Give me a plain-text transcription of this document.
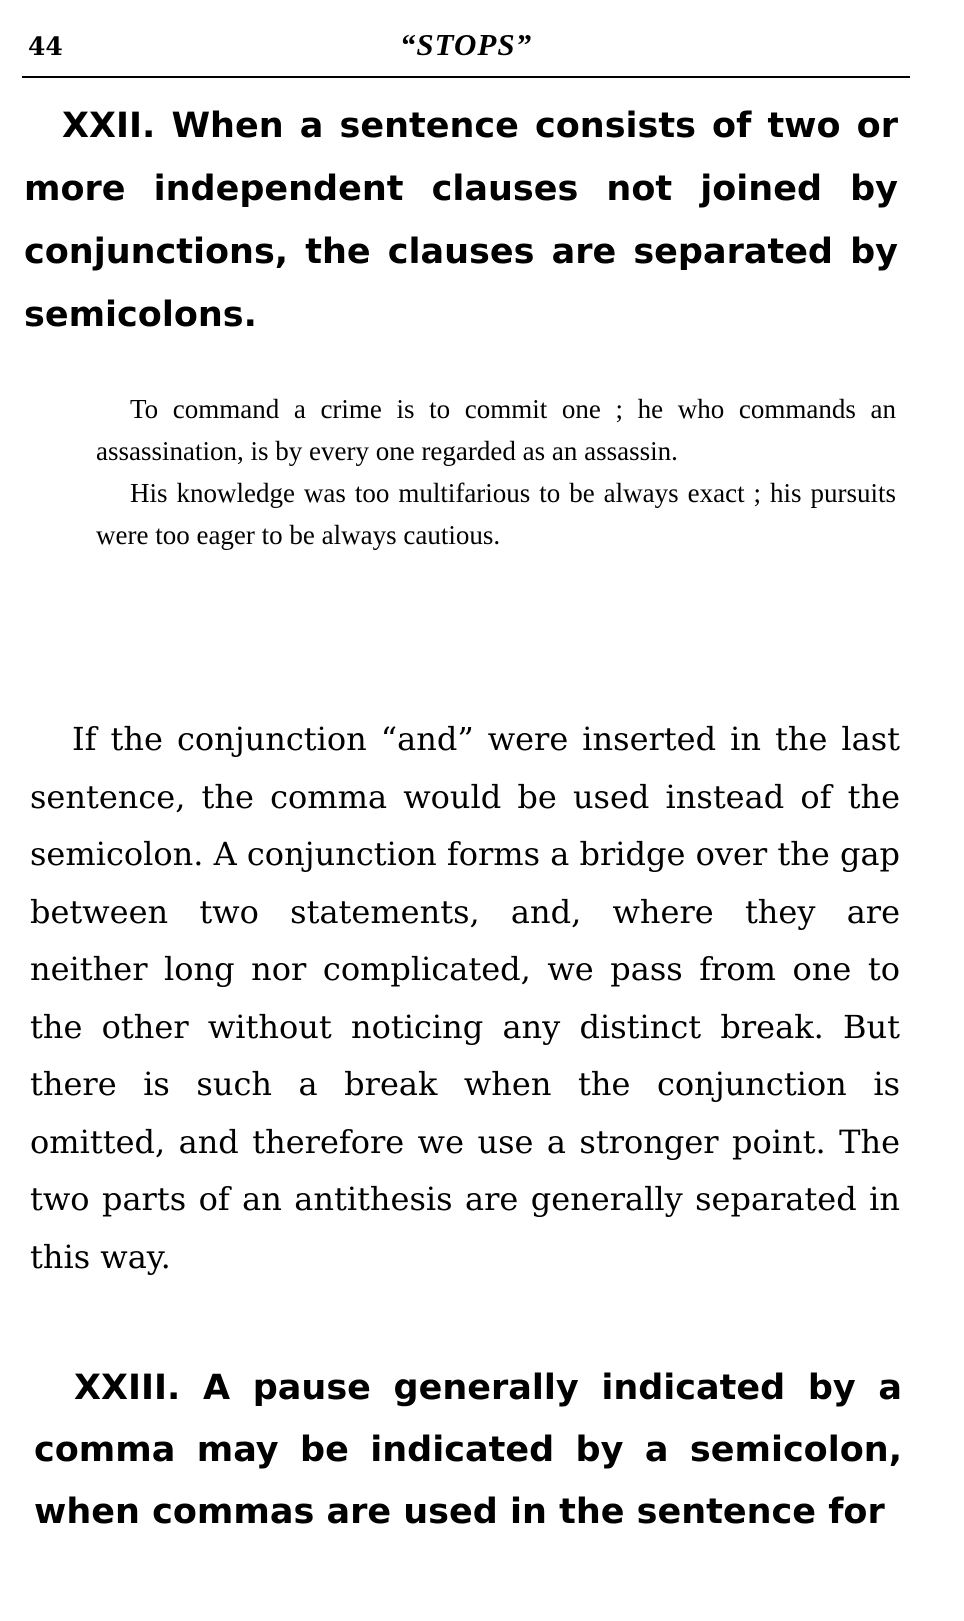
44	“STOPS”

XXII. When a sentence consists of two or more independent clauses not joined by conjunctions, the clauses are separated by semicolons.

To command a crime is to commit one ; he who commands an assassination, is by every one regarded as an assassin.

His knowledge was too multifarious to be always exact ; his pursuits were too eager to be always cautious.

If the conjunction “and” were inserted in the last sentence, the comma would be used instead of the semicolon. A conjunction forms a bridge over the gap between two statements, and, where they are neither long nor complicated, we pass from one to the other without noticing any distinct break. But there is such a break when the conjunction is omitted, and therefore we use a stronger point. The two parts of an antithesis are generally separated in this way.

XXIII. A pause generally indicated by a comma may be indicated by a semicolon, when commas are used in the sentence for
